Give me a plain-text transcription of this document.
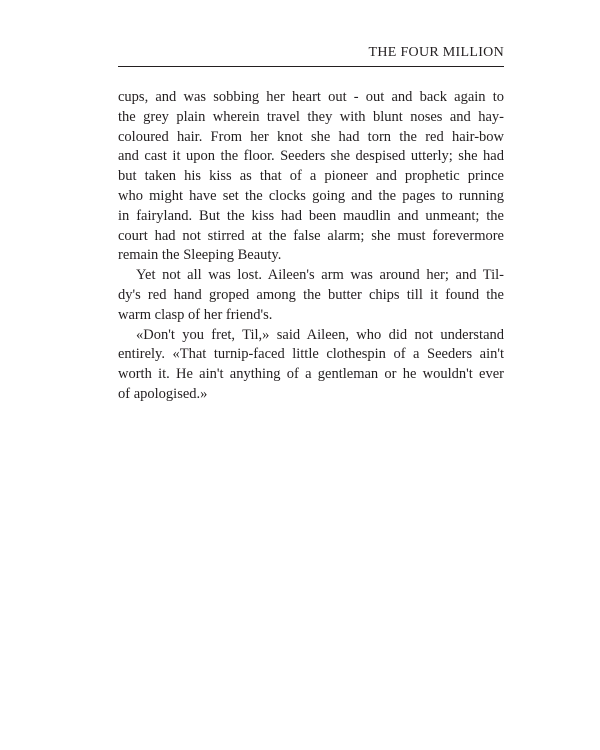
THE FOUR MILLION
cups, and was sobbing her heart out - out and back again to
the grey plain wherein travel they with blunt noses and hay-
coloured hair. From her knot she had torn the red hair-bow
and cast it upon the floor. Seeders she despised utterly; she had
but taken his kiss as that of a pioneer and prophetic prince
who might have set the clocks going and the pages to running
in fairyland. But the kiss had been maudlin and unmeant; the
court had not stirred at the false alarm; she must forevermore
remain the Sleeping Beauty.
Yet not all was lost. Aileen's arm was around her; and Til-
dy's red hand groped among the butter chips till it found the
warm clasp of her friend's.
«Don't you fret, Til,» said Aileen, who did not understand
entirely. «That turnip-faced little clothespin of a Seeders ain't
worth it. He ain't anything of a gentleman or he wouldn't ever
of apologised.»
